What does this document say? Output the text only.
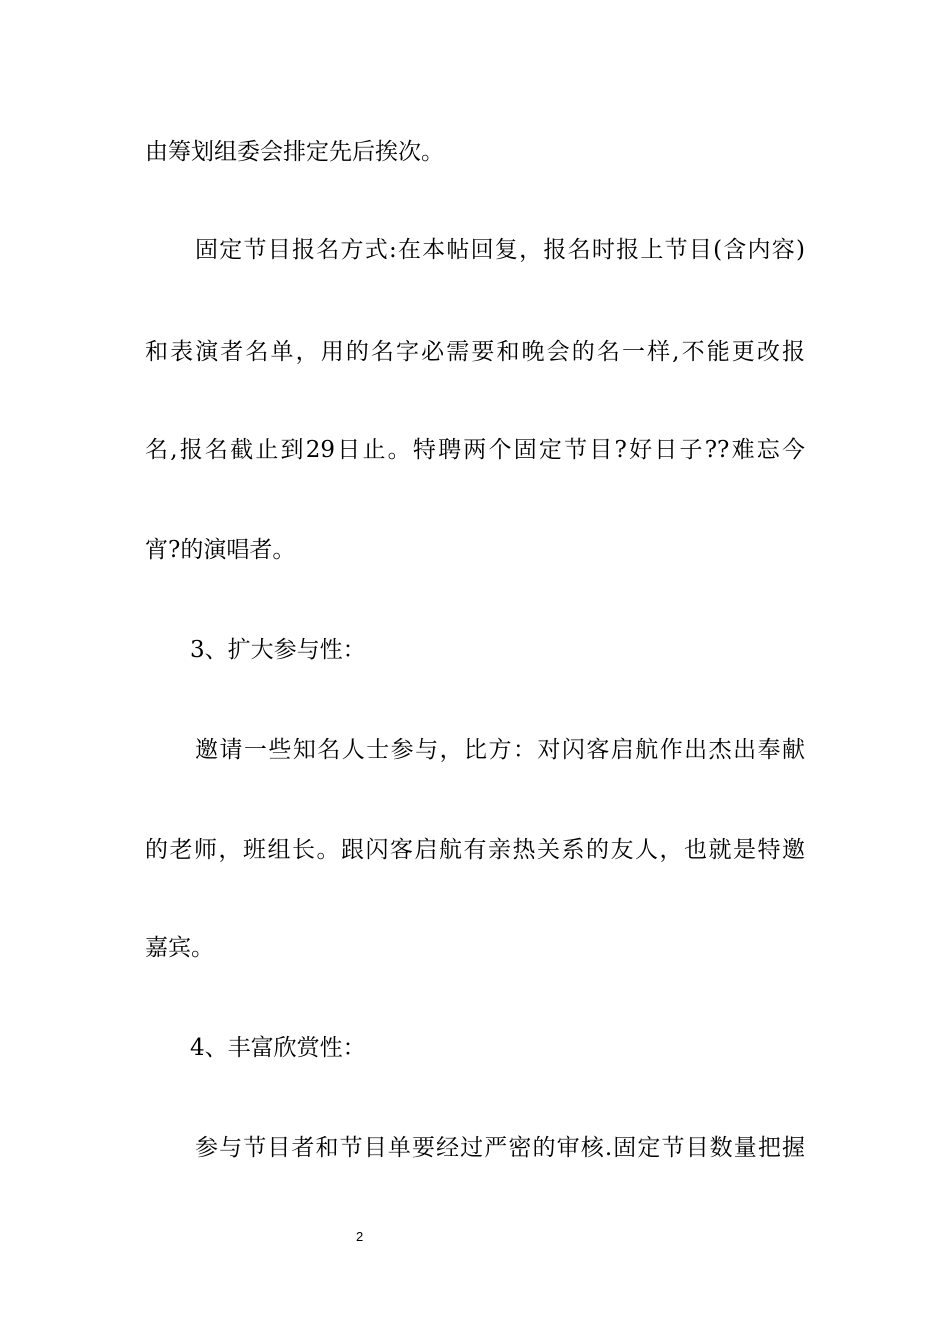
由筹划组委会排定先后挨次。
固定节目报名方式:在本帖回复，报名时报上节目(含内容)
和表演者名单，用的名字必需要和晚会的名一样,不能更改报
名,报名截止到29日止。特聘两个固定节目?好日子??难忘今
宵?的演唱者。
3、扩大参与性：
邀请一些知名人士参与，比方：对闪客启航作出杰出奉献
的老师，班组长。跟闪客启航有亲热关系的友人，也就是特邀
嘉宾。
4、丰富欣赏性：
参与节目者和节目单要经过严密的审核.固定节目数量把握
2
